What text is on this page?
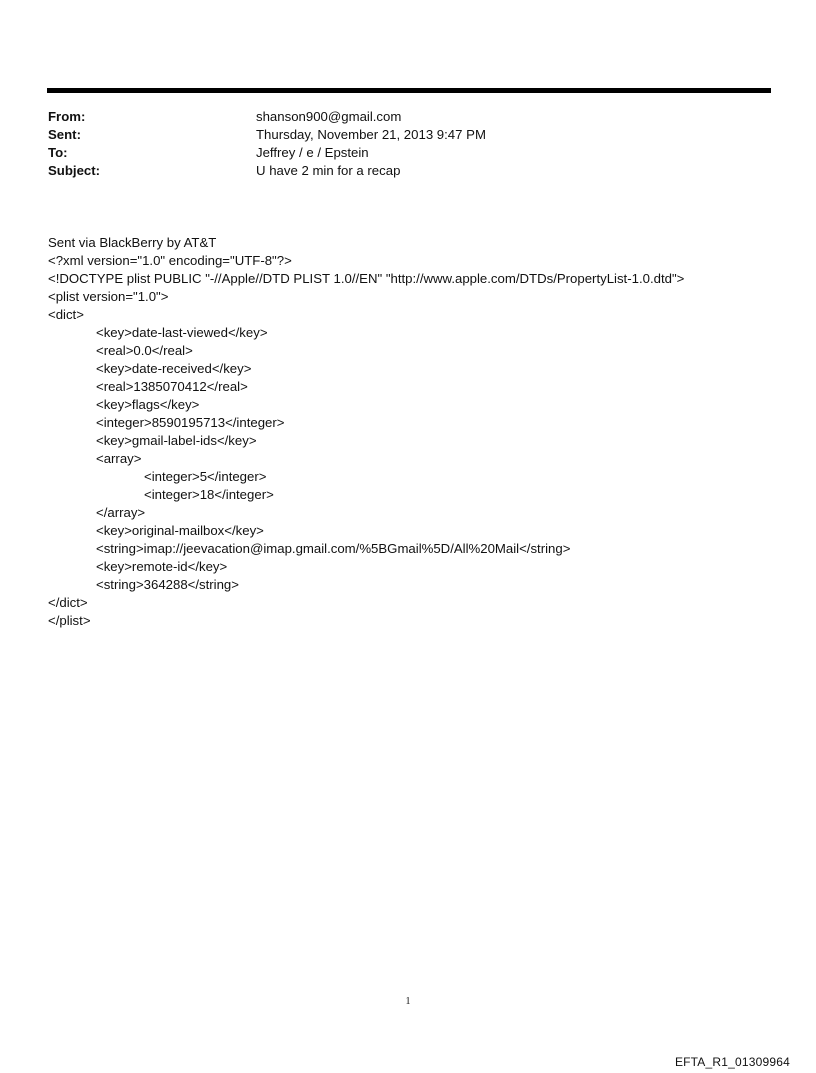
From:	shanson900@gmail.com
Sent:	Thursday, November 21, 2013 9:47 PM
To:	Jeffrey / e / Epstein
Subject:	U have 2 min for a recap
Sent via BlackBerry by AT&T
<?xml version="1.0" encoding="UTF-8"?>
<!DOCTYPE plist PUBLIC "-//Apple//DTD PLIST 1.0//EN" "http://www.apple.com/DTDs/PropertyList-1.0.dtd">
<plist version="1.0">
<dict>
<key>date-last-viewed</key>
<real>0.0</real>
<key>date-received</key>
<real>1385070412</real>
<key>flags</key>
<integer>8590195713</integer>
<key>gmail-label-ids</key>
<array>
<integer>5</integer>
<integer>18</integer>
</array>
<key>original-mailbox</key>
<string>imap://jeevacation@imap.gmail.com/%5BGmail%5D/All%20Mail</string>
<key>remote-id</key>
<string>364288</string>
</dict>
</plist>
1
EFTA_R1_01309964
